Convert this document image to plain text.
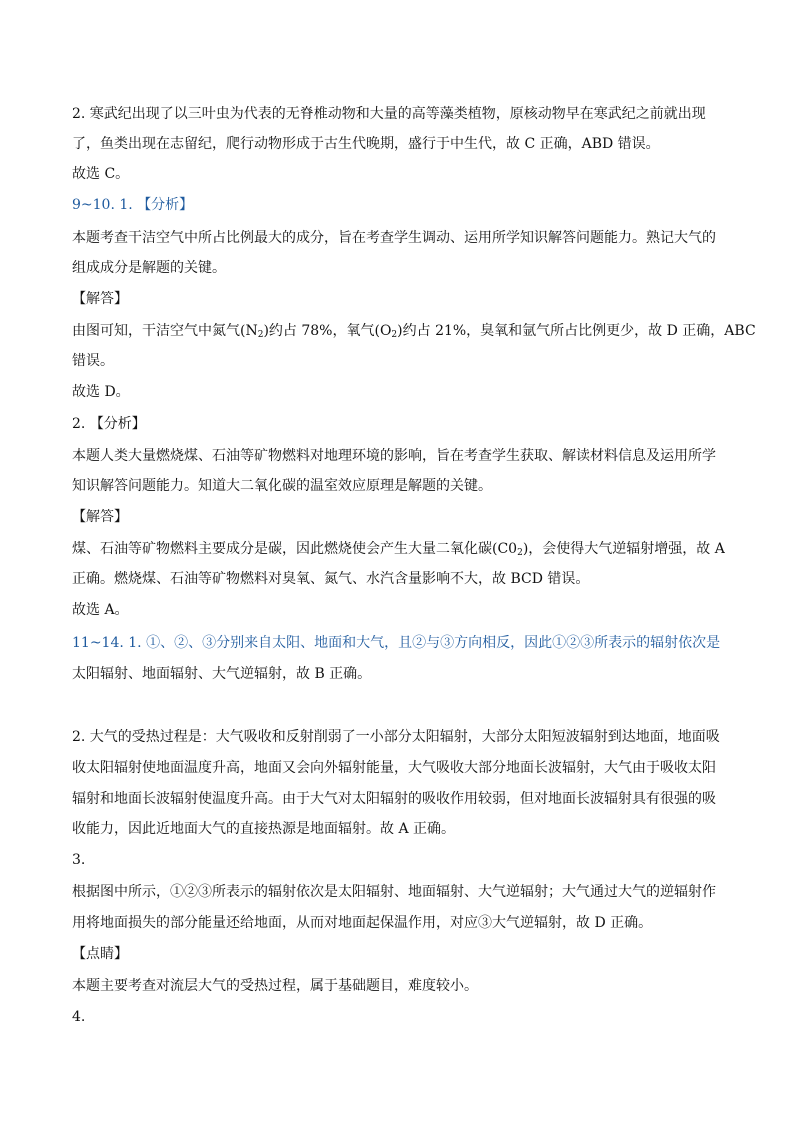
2. 寒武纪出现了以三叶虫为代表的无脊椎动物和大量的高等藻类植物，原核动物早在寒武纪之前就出现
了，鱼类出现在志留纪，爬行动物形成于古生代晚期，盛行于中生代，故 C 正确，ABD 错误。
故选 C。
9~10. 1. 【分析】
本题考查干洁空气中所占比例最大的成分，旨在考查学生调动、运用所学知识解答问题能力。熟记大气的
组成成分是解题的关键。
【解答】
由图可知，干洁空气中氮气$(N_2)$约占 78%，氧气$(O_2)$约占 21%，臭氧和氩气所占比例更少，故 D 正确，ABC
错误。
故选 D。
2. 【分析】
本题人类大量燃烧煤、石油等矿物燃料对地理环境的影响，旨在考查学生获取、解读材料信息及运用所学
知识解答问题能力。知道大二氧化碳的温室效应原理是解题的关键。
【解答】
煤、石油等矿物燃料主要成分是碳，因此燃烧使会产生大量二氧化碳$(C0_2)$，会使得大气逆辐射增强，故 A
正确。燃烧煤、石油等矿物燃料对臭氧、氮气、水汽含量影响不大，故 BCD 错误。
故选 A。
11~14. 1. ①、②、③分别来自太阳、地面和大气，且②与③方向相反，因此①②③所表示的辐射依次是
太阳辐射、地面辐射、大气逆辐射，故 B 正确。
2. 大气的受热过程是：大气吸收和反射削弱了一小部分太阳辐射，大部分太阳短波辐射到达地面，地面吸
收太阳辐射使地面温度升高，地面又会向外辐射能量，大气吸收大部分地面长波辐射，大气由于吸收太阳
辐射和地面长波辐射使温度升高。由于大气对太阳辐射的吸收作用较弱，但对地面长波辐射具有很强的吸
收能力，因此近地面大气的直接热源是地面辐射。故 A 正确。
3.
根据图中所示，①②③所表示的辐射依次是太阳辐射、地面辐射、大气逆辐射；大气通过大气的逆辐射作
用将地面损失的部分能量还给地面，从而对地面起保温作用，对应③大气逆辐射，故 D 正确。
【点睛】
本题主要考查对流层大气的受热过程，属于基础题目，难度较小。
4.
